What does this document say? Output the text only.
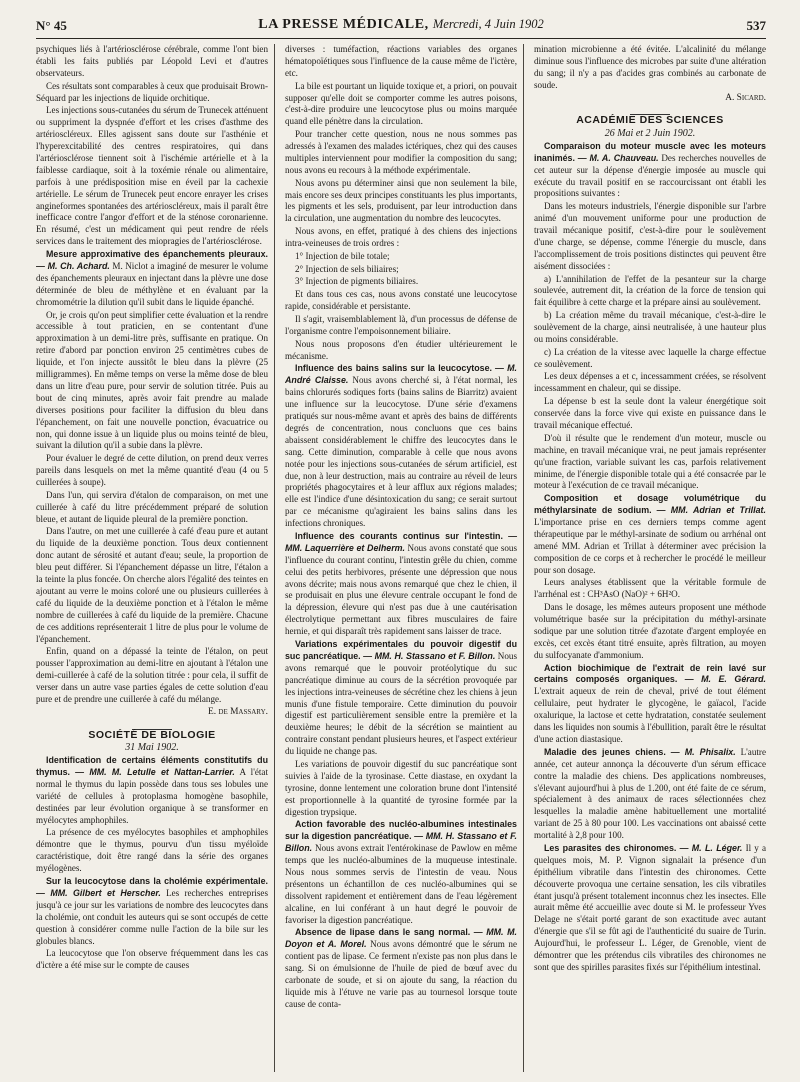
N° 45	LA PRESSE MÉDICALE, Mercredi, 4 Juin 1902	537

psychiques liés à l'artériosclérose cérébrale, comme l'ont bien établi les faits publiés par Léopold Levi et d'autres observateurs.

Ces résultats sont comparables à ceux que produisait Brown-Séquard par les injections de liquide orchitique.

Les injections sous-cutanées du sérum de Trunecek atténuent ou suppriment la dyspnée d'effort et les crises d'asthme des artérioscléreux. Elles agissent sans doute sur l'asthénie et l'hyperexcitabilité des centres respiratoires, qui dans l'artériosclérose tiennent soit à l'ischémie artérielle et à la faiblesse cardiaque, soit à la toxémie rénale ou alimentaire, parfois à une prédisposition mise en éveil par la cachexie artérielle. Le sérum de Trunecek peut encore enrayer les crises angineformes spontanées des artérioscléreux, mais il paraît être inefficace contre l'angor d'effort et de la sténose coronarienne. En résumé, c'est un médicament qui peut rendre de réels services dans le traitement des miopragies de l'artériosclérose.

Mesure approximative des épanchements pleuraux. — M. Ch. Achard. M. Niclot a imaginé de mesurer le volume des épanchements pleuraux en injectant dans la plèvre une dose déterminée de bleu de méthylène et en évaluant par la chromométrie la dilution qu'il subit dans le liquide épanché.

Or, je crois qu'on peut simplifier cette évaluation et la rendre accessible à tout praticien, en se contentant d'une approximation à un demi-litre près, suffisante en pratique. On retire d'abord par ponction environ 25 centimètres cubes de liquide, et l'on injecte aussitôt le bleu dans la plèvre (25 milligrammes). En même temps on verse la même dose de bleu dans un litre d'eau pure, pour servir de solution titrée. Puis au bout de cinq minutes, après avoir fait prendre au malade diverses positions pour faciliter la diffusion du bleu dans l'épanchement, on fait une nouvelle ponction, évacuatrice ou non, qui donne issue à un liquide plus ou moins teinté de bleu, suivant la dilution qu'il a subie dans la plèvre.

Pour évaluer le degré de cette dilution, on prend deux verres pareils dans lesquels on met la même quantité d'eau (4 ou 5 cuillerées à soupe).

Dans l'un, qui servira d'étalon de comparaison, on met une cuillerée à café du litre précédemment préparé de solution bleue, et autant de liquide pleural de la première ponction.

Dans l'autre, on met une cuillerée à café d'eau pure et autant du liquide de la deuxième ponction. Tous deux contiennent donc autant de sérosité et autant d'eau; seule, la proportion de bleu peut différer. Si l'épanchement dépasse un litre, l'étalon a la teinte la plus foncée. On cherche alors l'égalité des teintes en ajoutant au verre le moins coloré une ou plusieurs cuillerées à café du liquide de la deuxième ponction et à l'étalon le même nombre de cuillerées à café du liquide de la première. Chacune de ces additions représenterait 1 litre de plus pour le volume de l'épanchement.

Enfin, quand on a dépassé la teinte de l'étalon, on peut pousser l'approximation au demi-litre en ajoutant à l'étalon une demi-cuillerée à café de la solution titrée : pour cela, il suffit de verser dans un autre vase parties égales de cette solution d'eau pure et de prendre une cuillerée à café du mélange.

E. de Massary.

SOCIÉTÉ DE BIOLOGIE

31 Mai 1902.

Identification de certains éléments constitutifs du thymus. — MM. M. Letulle et Nattan-Larrier. A l'état normal le thymus du lapin possède dans tous ses lobules une variété de cellules à protoplasma homogène basophile, destinées par leur évolution organique à se transformer en myélocytes amphophiles.

La présence de ces myélocytes basophiles et amphophiles démontre que le thymus, pourvu d'un tissu myéloïde caractéristique, doit être rangé dans la série des organes myélogènes.

Sur la leucocytose dans la cholémie expérimentale. — MM. Gilbert et Herscher. Les recherches entreprises jusqu'à ce jour sur les variations de nombre des leucocytes dans la cholémie, ont conduit les auteurs qui se sont occupés de cette question à considérer comme nulle l'action de la bile sur les globules blancs.

La leucocytose que l'on observe fréquemment dans les cas d'ictère a été mise sur le compte de causes

diverses : tuméfaction, réactions variables des organes hématopoïétiques sous l'influence de la cause même de l'ictère, etc.

La bile est pourtant un liquide toxique et, a priori, on pouvait supposer qu'elle doit se comporter comme les autres poisons, c'est-à-dire produire une leucocytose plus ou moins marquée quand elle pénètre dans la circulation.

Pour trancher cette question, nous ne nous sommes pas adressés à l'examen des malades ictériques, chez qui des causes multiples interviennent pour modifier la composition du sang; nous avons eu recours à la méthode expérimentale.

Nous avons pu déterminer ainsi que non seulement la bile, mais encore ses deux principes constituants les plus importants, les pigments et les sels, produisent, par leur introduction dans la circulation, une augmentation du nombre des leucocytes.

Nous avons, en effet, pratiqué à des chiens des injections intra-veineuses de trois ordres :

1° Injection de bile totale;

2° Injection de sels biliaires;

3° Injection de pigments biliaires.

Et dans tous ces cas, nous avons constaté une leucocytose rapide, considérable et persistante.

Il s'agit, vraisemblablement là, d'un processus de défense de l'organisme contre l'empoisonnement biliaire.

Nous nous proposons d'en étudier ultérieurement le mécanisme.

Influence des bains salins sur la leucocytose. — M. André Claisse. Nous avons cherché si, à l'état normal, les bains chlorurés sodiques forts (bains salins de Biarritz) avaient une influence sur la leucocytose. D'une série d'examens pratiqués sur nous-même avant et après des bains de différents degrés de concentration, nous concluons que ces bains abaissent considérablement le chiffre des leucocytes dans le sang. Cette diminution, comparable à celle que nous avons notée pour les injections sous-cutanées de sérum artificiel, est due, non à leur destruction, mais au contraire au réveil de leurs propriétés phagocytaires et à leur afflux aux régions malades; elle est l'indice d'une désintoxication du sang; ce serait surtout par ce mécanisme qu'agiraient les bains salins dans les infections chroniques.

Influence des courants continus sur l'intestin. — MM. Laquerrière et Delherm. Nous avons constaté que sous l'influence du courant continu, l'intestin grêle du chien, comme celui des petits herbivores, présente une dépression que nous avons décrite; mais nous avons remarqué que chez le chien, il se produisait en plus une élevure centrale occupant le fond de la dépression, élevure qui n'est pas due à une cautérisation électrolytique permettant aux fibres musculaires de faire hernie, et qui disparaît très rapidement sans laisser de trace.

Variations expérimentales du pouvoir digestif du suc pancréatique. — MM. H. Stassano et F. Billon. Nous avons remarqué que le pouvoir protéolytique du suc pancréatique diminue au cours de la sécrétion provoquée par les injections intra-veineuses de sécrétine chez les chiens à jeun munis d'une fistule temporaire. Cette diminution du pouvoir digestif est particulièrement sensible entre la première et la deuxième heures; le débit de la sécrétion se maintient au contraire constant pendant plusieurs heures, et l'aspect extérieur du liquide ne change pas.

Les variations de pouvoir digestif du suc pancréatique sont suivies à l'aide de la tyrosinase. Cette diastase, en oxydant la tyrosine, donne lentement une coloration brune dont l'intensité est proportionnelle à la quantité de tyrosine formée par la digestion trypsique.

Action favorable des nucléo-albumines intestinales sur la digestion pancréatique. — MM. H. Stassano et F. Billon. Nous avons extrait l'entérokinase de Pawlow en même temps que les nucléo-albumines de la muqueuse intestinale. Nous nous sommes servis de l'intestin de veau. Nous présentons un échantillon de ces nucléo-albumines qui se dissolvent rapidement et entièrement dans de l'eau légèrement alcaline, en lui conférant à un haut degré le pouvoir de favoriser la digestion pancréatique.

Absence de lipase dans le sang normal. — MM. M. Doyon et A. Morel. Nous avons démontré que le sérum ne contient pas de lipase. Ce ferment n'existe pas non plus dans le sang. Si on émulsionne de l'huile de pied de bœuf avec du carbonate de soude, et si on ajoute du sang, la réaction du liquide mis à l'étuve ne varie pas au tournesol lorsque toute cause de conta-

mination microbienne a été évitée. L'alcalinité du mélange diminue sous l'influence des microbes par suite d'une altération du sang; il n'y a pas d'acides gras combinés au carbonate de soude.

A. Sicard.

ACADÉMIE DES SCIENCES

26 Mai et 2 Juin 1902.

Comparaison du moteur muscle avec les moteurs inanimés. — M. A. Chauveau. Des recherches nouvelles de cet auteur sur la dépense d'énergie imposée au muscle qui exécute du travail positif en se raccourcissant ont établi les propositions suivantes :

Dans les moteurs industriels, l'énergie disponible sur l'arbre animé d'un mouvement uniforme pour une production de travail mécanique positif, c'est-à-dire pour le soulèvement d'une charge, se dépense, comme l'énergie du muscle, dans l'accomplissement de trois positions distinctes qui peuvent être aisément dissociées :

a) L'annihilation de l'effet de la pesanteur sur la charge soulevée, autrement dit, la création de la force de tension qui fait équilibre à cette charge et la prépare ainsi au soulèvement.

b) La création même du travail mécanique, c'est-à-dire le soulèvement de la charge, ainsi neutralisée, à une hauteur plus ou moins considérable.

c) La création de la vitesse avec laquelle la charge effectue ce soulèvement.

Les deux dépenses a et c, incessamment créées, se résolvent incessamment en chaleur, qui se dissipe.

La dépense b est la seule dont la valeur énergétique soit conservée dans la force vive qui existe en puissance dans le travail mécanique effectué.

D'où il résulte que le rendement d'un moteur, muscle ou machine, en travail mécanique vrai, ne peut jamais représenter qu'une fraction, variable suivant les cas, parfois relativement minime, de l'énergie disponible totale qui a été consacrée par le moteur à l'exécution de ce travail mécanique.

Composition et dosage volumétrique du méthylarsinate de sodium. — MM. Adrian et Trillat. L'importance prise en ces derniers temps comme agent thérapeutique par le méthyl-arsinate de sodium ou arrhénal ont amené MM. Adrian et Trillat à déterminer avec précision la composition de ce corps et à rechercher le procédé le meilleur pour son dosage.

Leurs analyses établissent que la véritable formule de l'arrhénal est : CH³AsO (NaO)² + 6H²O.

Dans le dosage, les mêmes auteurs proposent une méthode volumétrique basée sur la précipitation du méthyl-arsinate sodique par une solution titrée d'azotate d'argent employée en excès, cet excès étant titré ensuite, après filtration, au moyen du sulfocyanate d'ammonium.

Action biochimique de l'extrait de rein lavé sur certains composés organiques. — M. E. Gérard. L'extrait aqueux de rein de cheval, privé de tout élément cellulaire, peut hydrater le glycogène, le gaïacol, l'acide oxalurique, la lactose et cette hydratation, constatée seulement dans les liquides non soumis à l'ébullition, paraît être le résultat d'une action diastasique.

Maladie des jeunes chiens. — M. Phisalix. L'autre année, cet auteur annonça la découverte d'un sérum efficace contre la maladie des chiens. Des applications nombreuses, s'élevant aujourd'hui à plus de 1.200, ont été faite de ce sérum, spécialement à des animaux de races sélectionnées chez lesquelles la maladie amène habituellement une mortalité variant de 25 à 80 pour 100. Les vaccinations ont abaissé cette mortalité à 2,8 pour 100.

Les parasites des chironomes. — M. L. Léger. Il y a quelques mois, M. P. Vignon signalait la présence d'un épithélium vibratile dans l'intestin des chironomes. Cette découverte provoqua une certaine sensation, les cils vibratiles étant jusqu'à présent totalement inconnus chez les insectes. Elle aurait même été accueillie avec doute si M. le professeur Yves Delage ne s'était porté garant de son exactitude avec autant d'énergie que s'il se fût agi de l'authenticité du suaire de Turin. Aujourd'hui, le professeur L. Léger, de Grenoble, vient de démontrer que les prétendus cils vibratiles des chironomes ne sont que des spirilles parasites fixés sur l'épithélium intestinal.
